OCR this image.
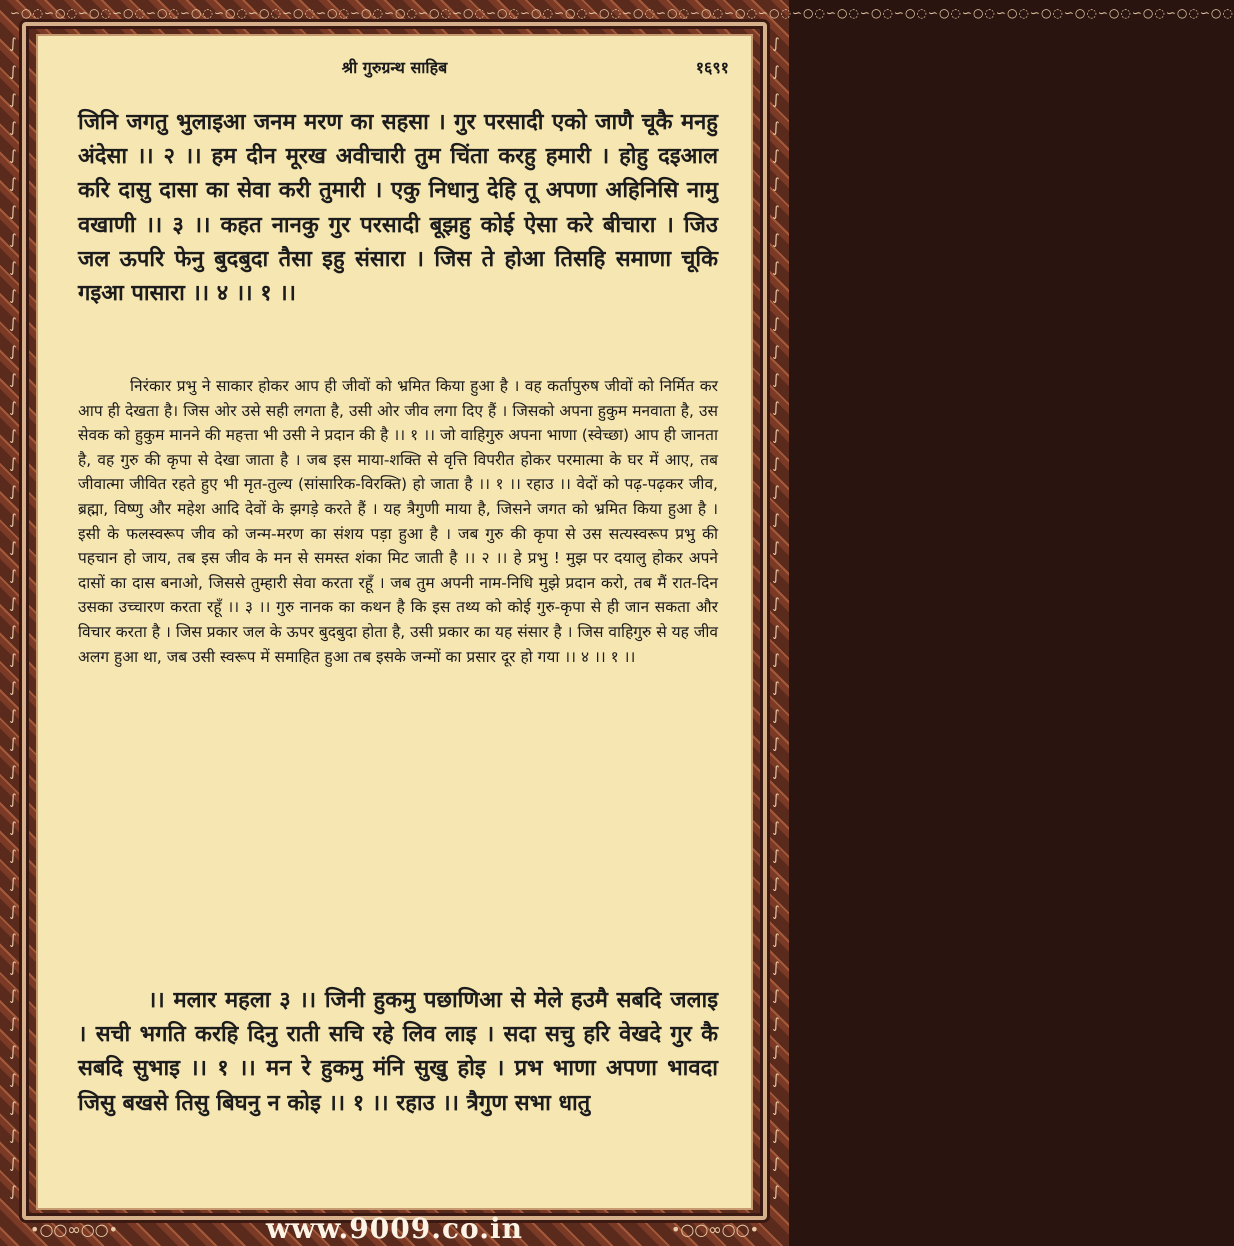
∽○◌∽○◌∽○◌∽○◌∽○◌∽○◌∽○◌∽○◌∽○◌∽○◌∽○◌∽○◌∽○◌∽○◌∽○◌∽○◌∽○◌∽○◌∽○◌∽○◌∽○◌∽○◌∽○◌∽○◌∽○◌∽○◌∽○◌∽○◌∽○◌∽○◌∽○◌∽○◌∽○◌∽○◌∽○◌∽○◌
∫
∫
∫
∫
∫
∫
∫
∫
∫
∫
∫
∫
∫
∫
∫
∫
∫
∫
∫
∫
∫
∫
∫
∫
∫
∫
∫
∫
∫
∫
∫
∫
∫
∫
∫
∫
∫
∫
∫
∫
∫
∫
∫
∫
∫
∫
∫
∫
∫
∫
∫
∫
∫
∫
∫
∫
∫
∫
∫
∫
∫
∫
∫
∫
∫
∫
∫
∫
∫
∫
∫
∫
∫
∫
∫
∫
∫
∫
∫
∫
∫
∫
∫
∫
श्री गुरुग्रन्थ साहिब	१६९१

जिनि जगतु भुलाइआ जनम मरण का सहसा । गुर परसादी एको जाणै चूकै मनहु अंदेसा ।। २ ।। हम दीन मूरख अवीचारी तुम चिंता करहु हमारी । होहु दइआल करि दासु दासा का सेवा करी तुमारी । एकु निधानु देहि तू अपणा अहिनिसि नामु वखाणी ।। ३ ।। कहत नानकु गुर परसादी बूझहु कोई ऐसा करे बीचारा । जिउ जल ऊपरि फेनु बुदबुदा तैसा इहु संसारा । जिस ते होआ तिसहि समाणा चूकि गइआ पासारा ।। ४ ।। १ ।।

निरंकार प्रभु ने साकार होकर आप ही जीवों को भ्रमित किया हुआ है । वह कर्तापुरुष जीवों को निर्मित कर आप ही देखता है। जिस ओर उसे सही लगता है, उसी ओर जीव लगा दिए हैं । जिसको अपना हुकुम मनवाता है, उस सेवक को हुकुम मानने की महत्ता भी उसी ने प्रदान की है ।। १ ।। जो वाहिगुरु अपना भाणा (स्वेच्छा) आप ही जानता है, वह गुरु की कृपा से देखा जाता है । जब इस माया-शक्ति से वृत्ति विपरीत होकर परमात्मा के घर में आए, तब जीवात्मा जीवित रहते हुए भी मृत-तुल्य (सांसारिक-विरक्ति) हो जाता है ।। १ ।। रहाउ ।। वेदों को पढ़-पढ़कर जीव, ब्रह्मा, विष्णु और महेश आदि देवों के झगड़े करते हैं । यह त्रैगुणी माया है, जिसने जगत को भ्रमित किया हुआ है । इसी के फलस्वरूप जीव को जन्म-मरण का संशय पड़ा हुआ है । जब गुरु की कृपा से उस सत्यस्वरूप प्रभु की पहचान हो जाय, तब इस जीव के मन से समस्त शंका मिट जाती है ।। २ ।। हे प्रभु ! मुझ पर दयालु होकर अपने दासों का दास बनाओ, जिससे तुम्हारी सेवा करता रहूँ । जब तुम अपनी नाम-निधि मुझे प्रदान करो, तब मैं रात-दिन उसका उच्चारण करता रहूँ ।। ३ ।। गुरु नानक का कथन है कि इस तथ्य को कोई गुरु-कृपा से ही जान सकता और विचार करता है । जिस प्रकार जल के ऊपर बुदबुदा होता है, उसी प्रकार का यह संसार है । जिस वाहिगुरु से यह जीव अलग हुआ था, जब उसी स्वरूप में समाहित हुआ तब इसके जन्मों का प्रसार दूर हो गया ।। ४ ।। १ ।।

।। मलार महला ३ ।। जिनी हुकमु पछाणिआ से मेले हउमै सबदि जलाइ । सची भगति करहि दिनु राती सचि रहे लिव लाइ । सदा सचु हरि वेखदे गुर कै सबदि सुभाइ ।। १ ।। मन रे हुकमु मंनि सुखु होइ । प्रभ भाणा अपणा भावदा जिसु बखसे तिसु बिघनु न कोइ ।। १ ।। रहाउ ।। त्रैगुण सभा धातु

•○○∞○○•	www.9009.co.in	•○○∞○○•
